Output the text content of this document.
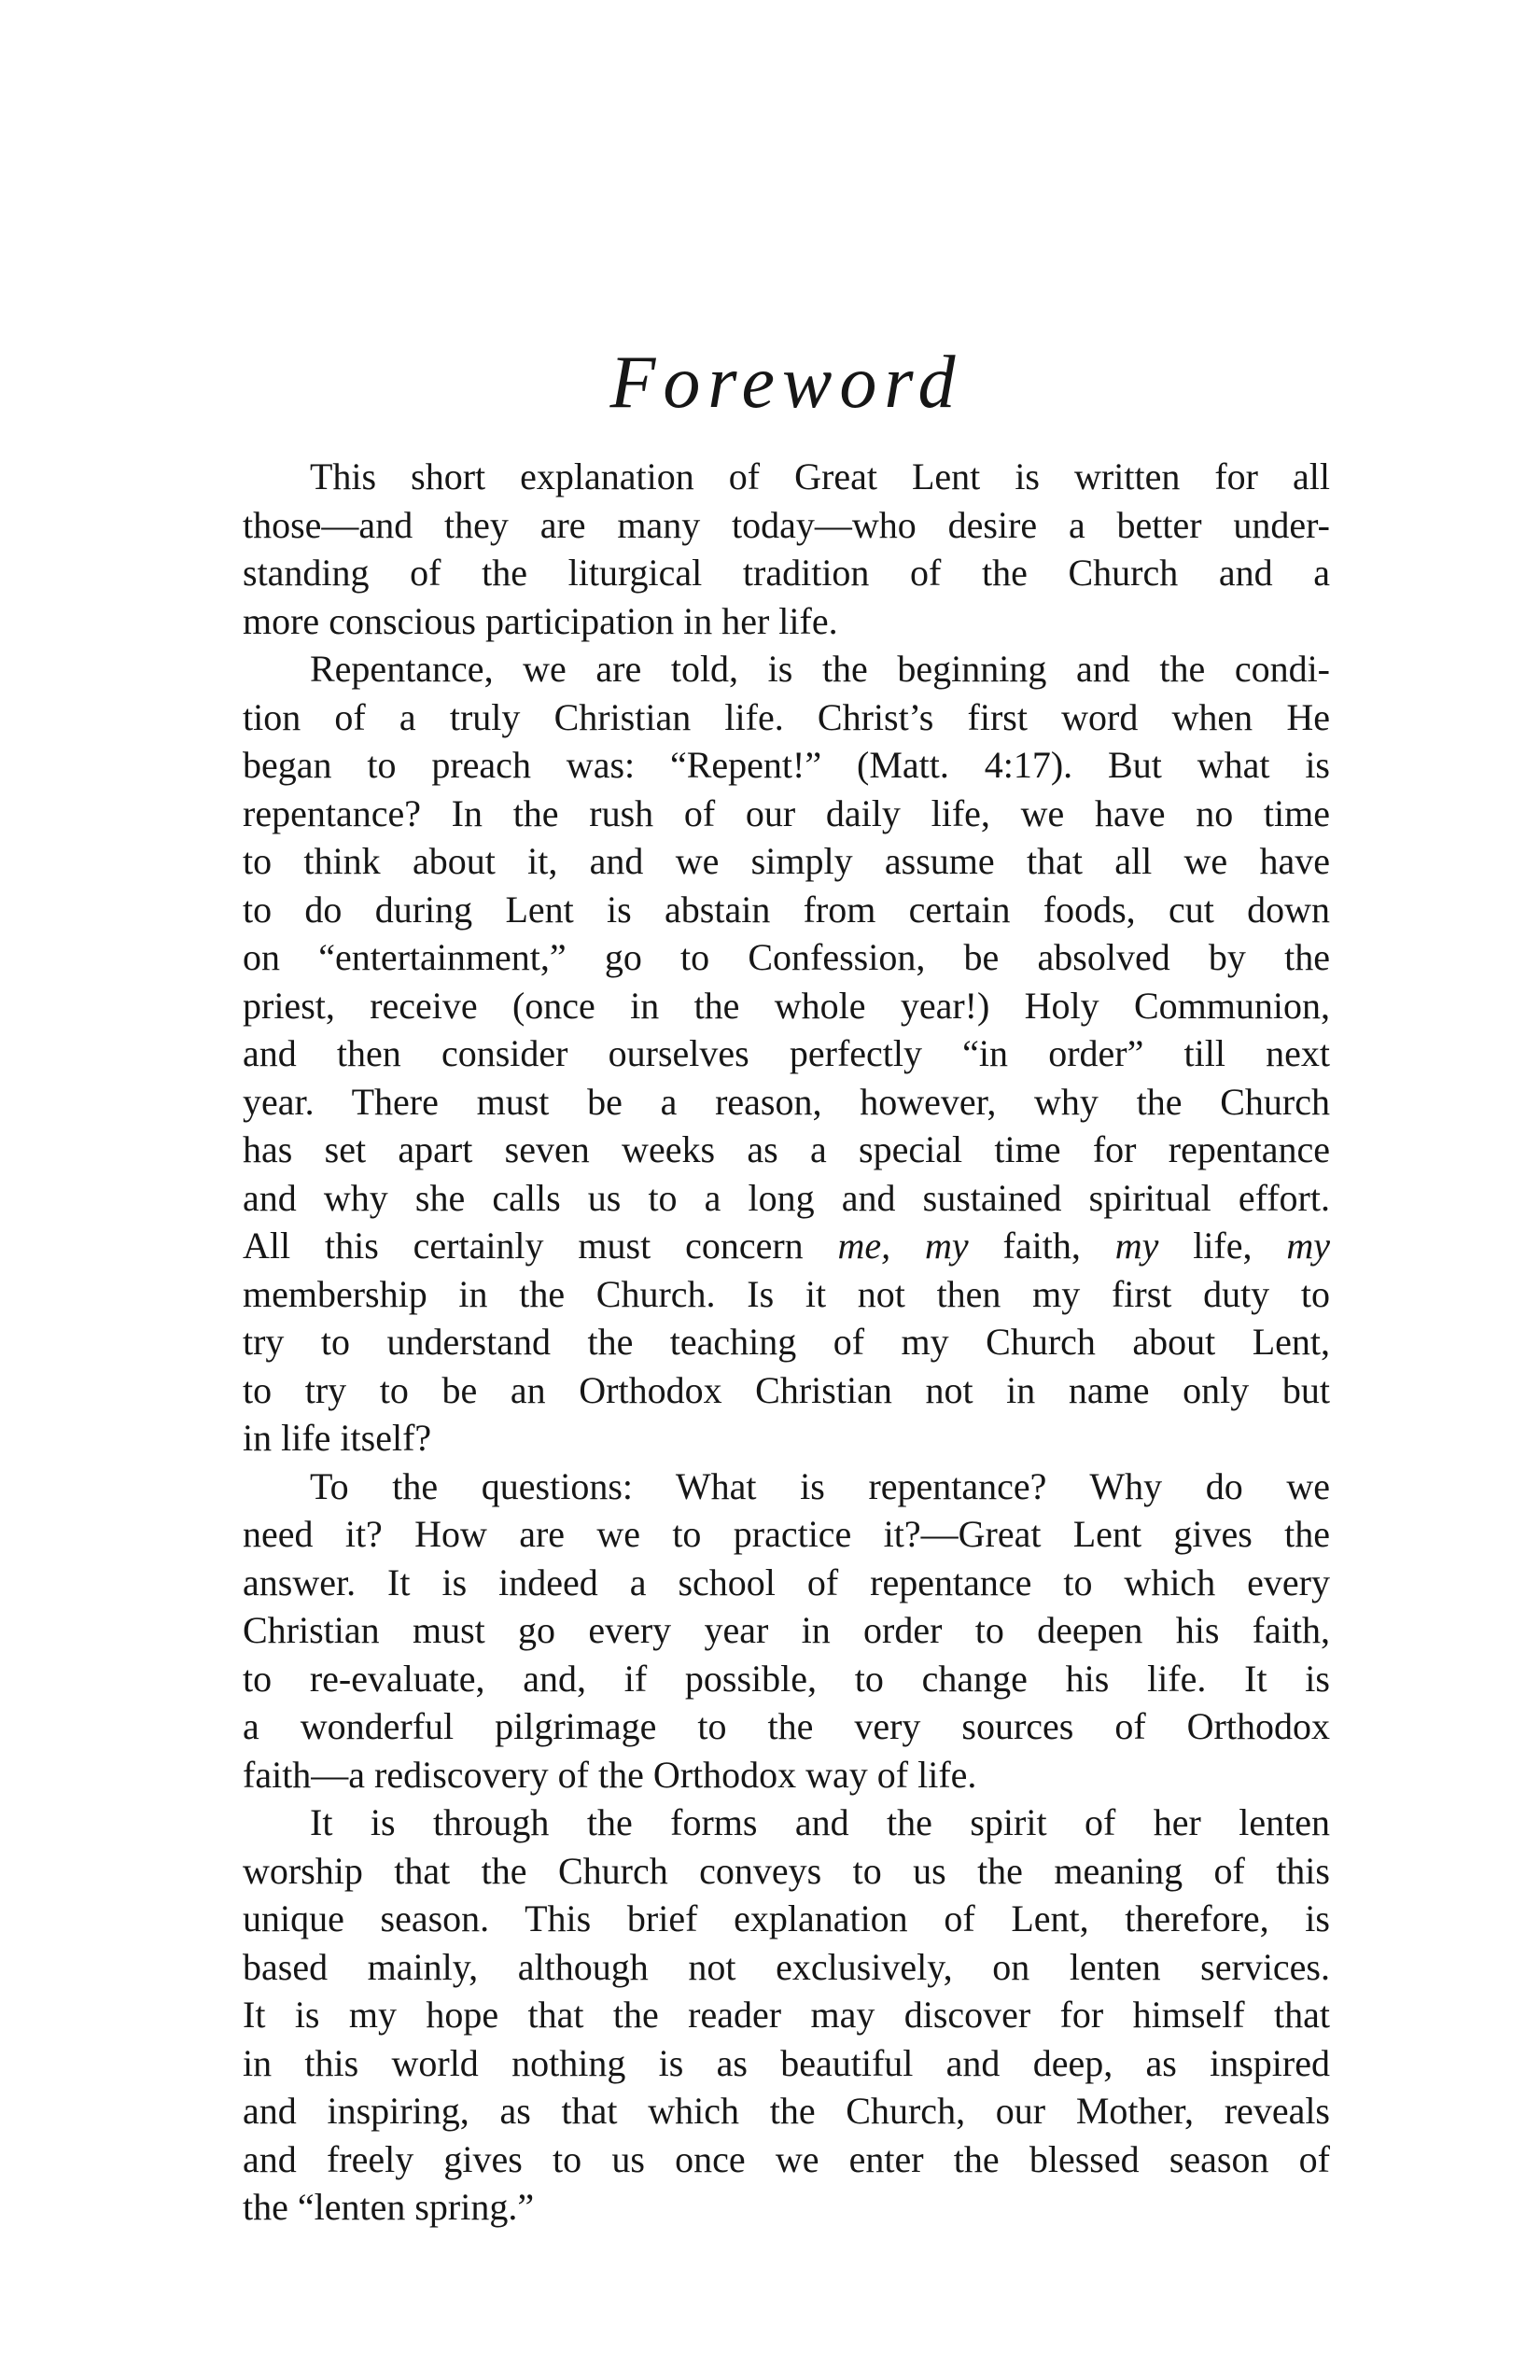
Foreword
This short explanation of Great Lent is written for all
those—and they are many today—who desire a better under-
standing of the liturgical tradition of the Church and a
more conscious participation in her life.
Repentance, we are told, is the beginning and the condi-
tion of a truly Christian life. Christ’s first word when He
began to preach was: “Repent!” (Matt. 4:17). But what is
repentance? In the rush of our daily life, we have no time
to think about it, and we simply assume that all we have
to do during Lent is abstain from certain foods, cut down
on “entertainment,” go to Confession, be absolved by the
priest, receive (once in the whole year!) Holy Communion,
and then consider ourselves perfectly “in order” till next
year. There must be a reason, however, why the Church
has set apart seven weeks as a special time for repentance
and why she calls us to a long and sustained spiritual effort.
All this certainly must concern me, my faith, my life, my
membership in the Church. Is it not then my first duty to
try to understand the teaching of my Church about Lent,
to try to be an Orthodox Christian not in name only but
in life itself?
To the questions: What is repentance? Why do we
need it? How are we to practice it?—Great Lent gives the
answer. It is indeed a school of repentance to which every
Christian must go every year in order to deepen his faith,
to re-evaluate, and, if possible, to change his life. It is
a wonderful pilgrimage to the very sources of Orthodox
faith—a rediscovery of the Orthodox way of life.
It is through the forms and the spirit of her lenten
worship that the Church conveys to us the meaning of this
unique season. This brief explanation of Lent, therefore, is
based mainly, although not exclusively, on lenten services.
It is my hope that the reader may discover for himself that
in this world nothing is as beautiful and deep, as inspired
and inspiring, as that which the Church, our Mother, reveals
and freely gives to us once we enter the blessed season of
the “lenten spring.”
